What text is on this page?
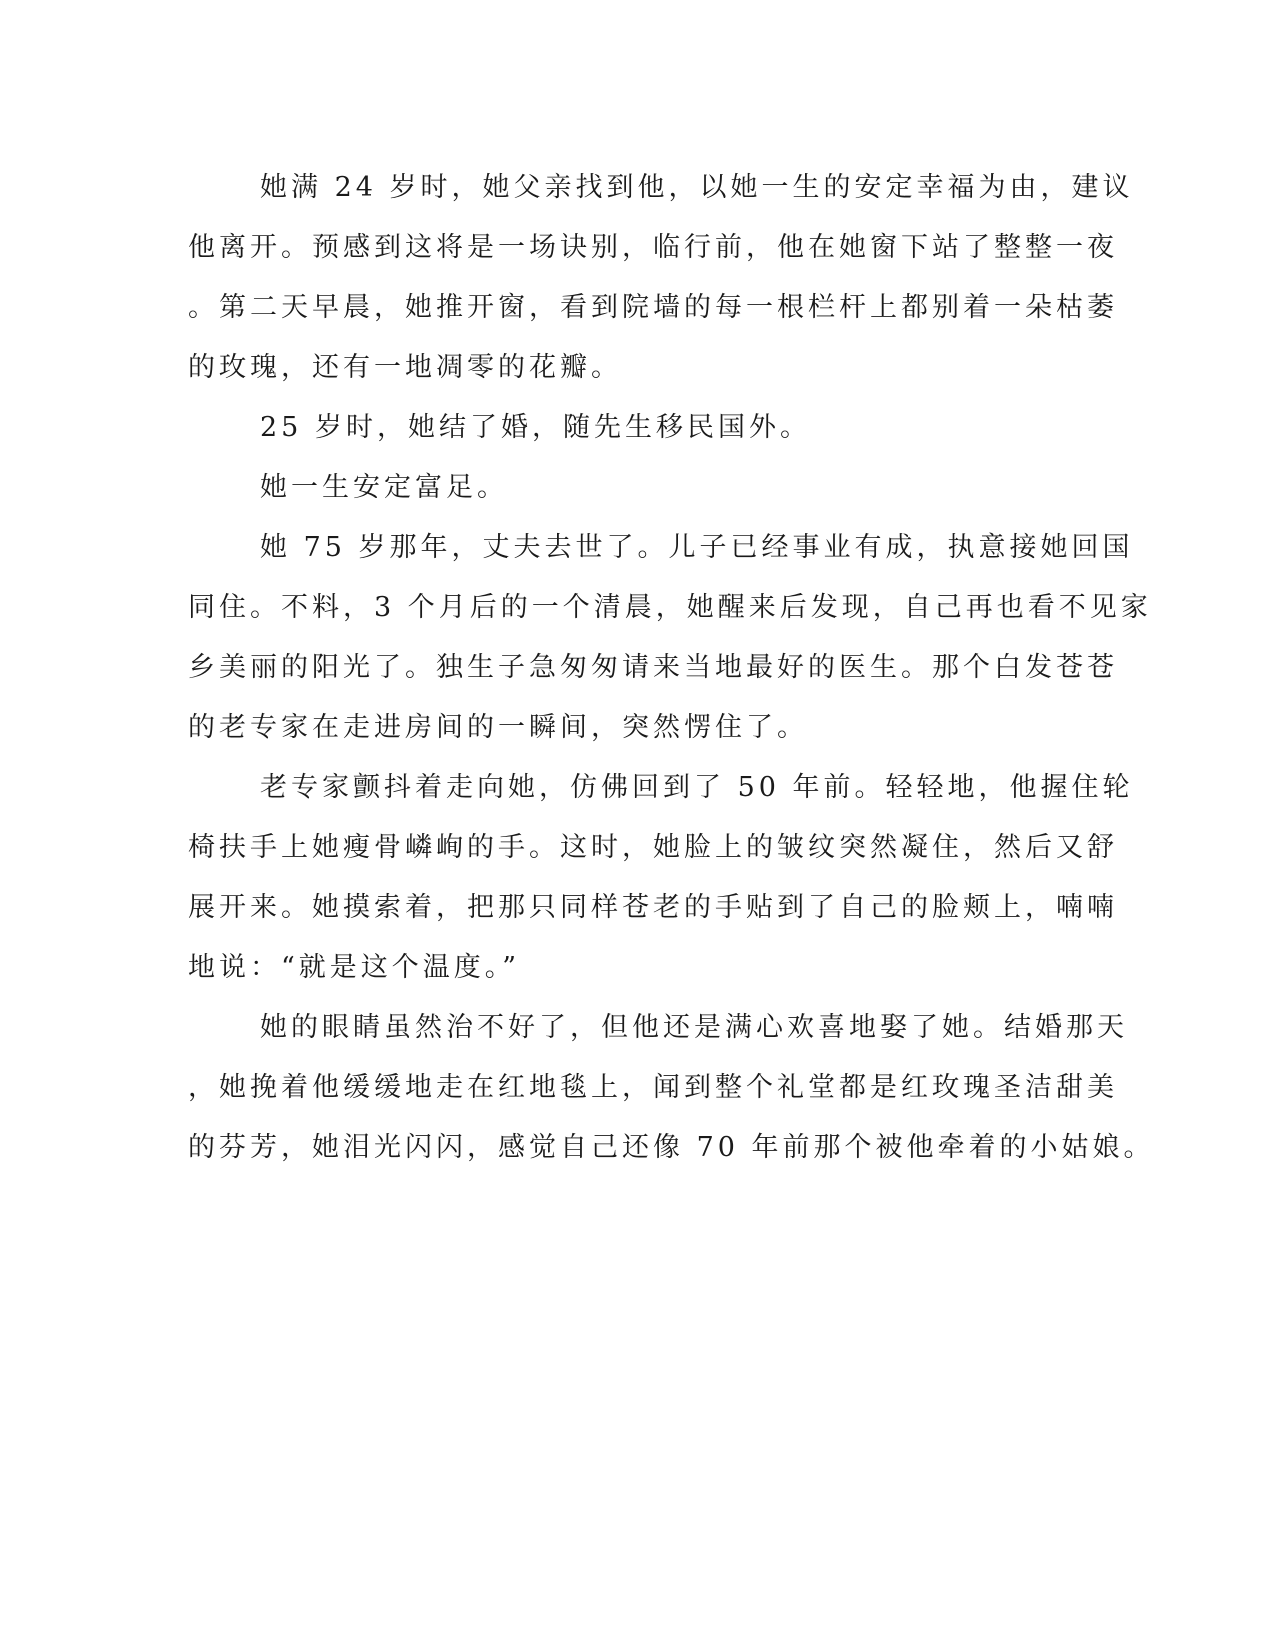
她满 24 岁时，她父亲找到他，以她一生的安定幸福为由，建议
他离开。预感到这将是一场诀别，临行前，他在她窗下站了整整一夜
。第二天早晨，她推开窗，看到院墙的每一根栏杆上都别着一朵枯萎
的玫瑰，还有一地凋零的花瓣。
25 岁时，她结了婚，随先生移民国外。
她一生安定富足。
她 75 岁那年，丈夫去世了。儿子已经事业有成，执意接她回国
同住。不料，3 个月后的一个清晨，她醒来后发现，自己再也看不见家
乡美丽的阳光了。独生子急匆匆请来当地最好的医生。那个白发苍苍
的老专家在走进房间的一瞬间，突然愣住了。
老专家颤抖着走向她，仿佛回到了 50 年前。轻轻地，他握住轮
椅扶手上她瘦骨嶙峋的手。这时，她脸上的皱纹突然凝住，然后又舒
展开来。她摸索着，把那只同样苍老的手贴到了自己的脸颊上，喃喃
地说：“就是这个温度。”
她的眼睛虽然治不好了，但他还是满心欢喜地娶了她。结婚那天
，她挽着他缓缓地走在红地毯上，闻到整个礼堂都是红玫瑰圣洁甜美
的芬芳，她泪光闪闪，感觉自己还像 70 年前那个被他牵着的小姑娘。
